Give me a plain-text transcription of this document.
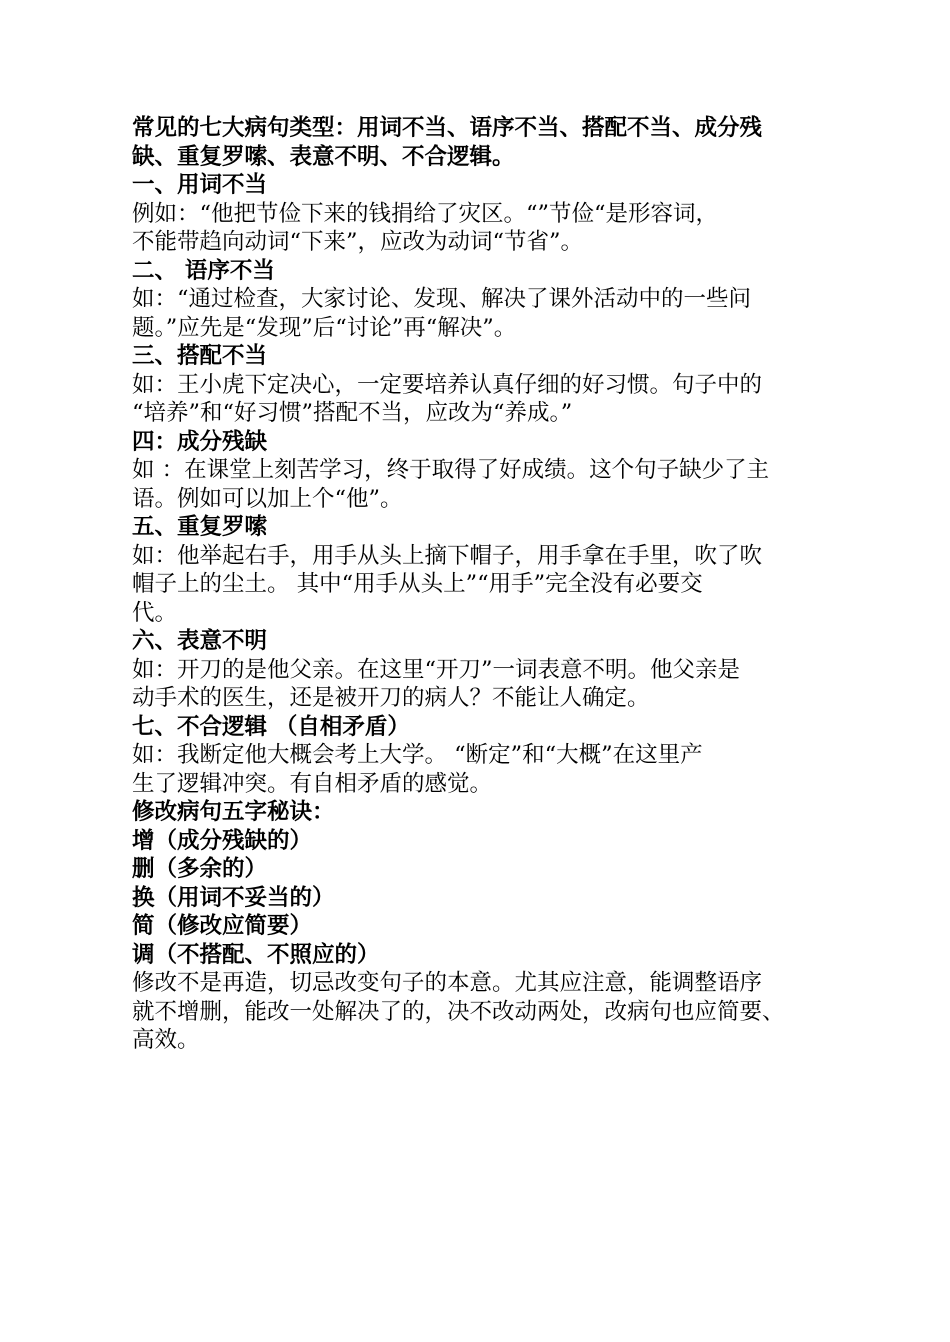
常见的七大病句类型：用词不当、语序不当、搭配不当、成分残
缺、重复罗嗦、表意不明、不合逻辑。
一、用词不当
例如：“他把节俭下来的钱捐给了灾区。“”节俭“是形容词，
不能带趋向动词“下来”，应改为动词“节省”。
二、 语序不当
如：“通过检查，大家讨论、发现、解决了课外活动中的一些问
题。”应先是“发现”后“讨论”再“解决”。
三、搭配不当
如：王小虎下定决心，一定要培养认真仔细的好习惯。句子中的
“培养”和“好习惯”搭配不当，应改为“养成。”
四：成分残缺
如 ：在课堂上刻苦学习，终于取得了好成绩。这个句子缺少了主
语。例如可以加上个“他”。
五、重复罗嗦
如：他举起右手，用手从头上摘下帽子，用手拿在手里，吹了吹
帽子上的尘土。 其中“用手从头上”“用手”完全没有必要交
代。
六、表意不明
如：开刀的是他父亲。在这里“开刀”一词表意不明。他父亲是
动手术的医生，还是被开刀的病人？不能让人确定。
七、不合逻辑 （自相矛盾）
如：我断定他大概会考上大学。 “断定”和“大概”在这里产
生了逻辑冲突。有自相矛盾的感觉。
修改病句五字秘诀：
增（成分残缺的）
删（多余的）
换（用词不妥当的）
简（修改应简要）
调（不搭配、不照应的）
修改不是再造，切忌改变句子的本意。尤其应注意，能调整语序
就不增删，能改一处解决了的，决不改动两处，改病句也应简要、
高效。
